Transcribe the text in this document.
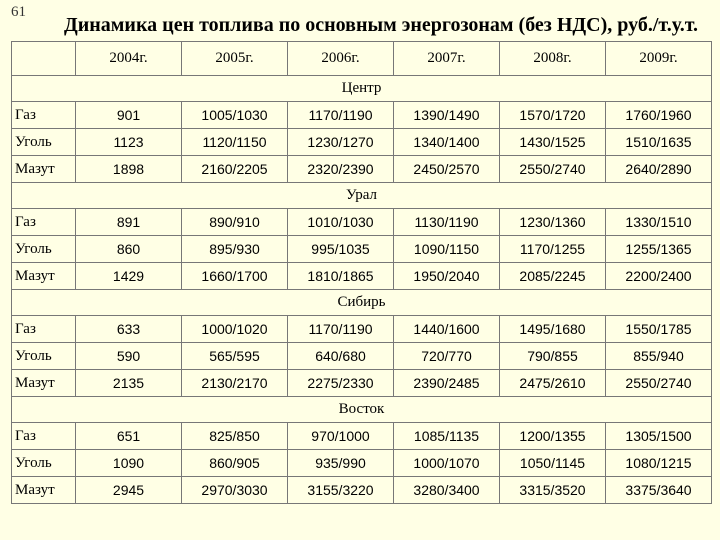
61
Динамика цен топлива по основным энергозонам (без НДС), руб./т.у.т.
	2004г.	2005г.	2006г.	2007г.	2008г.	2009г.
Центр						
Газ	901	1005/1030	1170/1190	1390/1490	1570/1720	1760/1960
Уголь	1123	1120/1150	1230/1270	1340/1400	1430/1525	1510/1635
Мазут	1898	2160/2205	2320/2390	2450/2570	2550/2740	2640/2890
Урал						
Газ	891	890/910	1010/1030	1130/1190	1230/1360	1330/1510
Уголь	860	895/930	995/1035	1090/1150	1170/1255	1255/1365
Мазут	1429	1660/1700	1810/1865	1950/2040	2085/2245	2200/2400
Сибирь						
Газ	633	1000/1020	1170/1190	1440/1600	1495/1680	1550/1785
Уголь	590	565/595	640/680	720/770	790/855	855/940
Мазут	2135	2130/2170	2275/2330	2390/2485	2475/2610	2550/2740
Восток						
Газ	651	825/850	970/1000	1085/1135	1200/1355	1305/1500
Уголь	1090	860/905	935/990	1000/1070	1050/1145	1080/1215
Мазут	2945	2970/3030	3155/3220	3280/3400	3315/3520	3375/3640
